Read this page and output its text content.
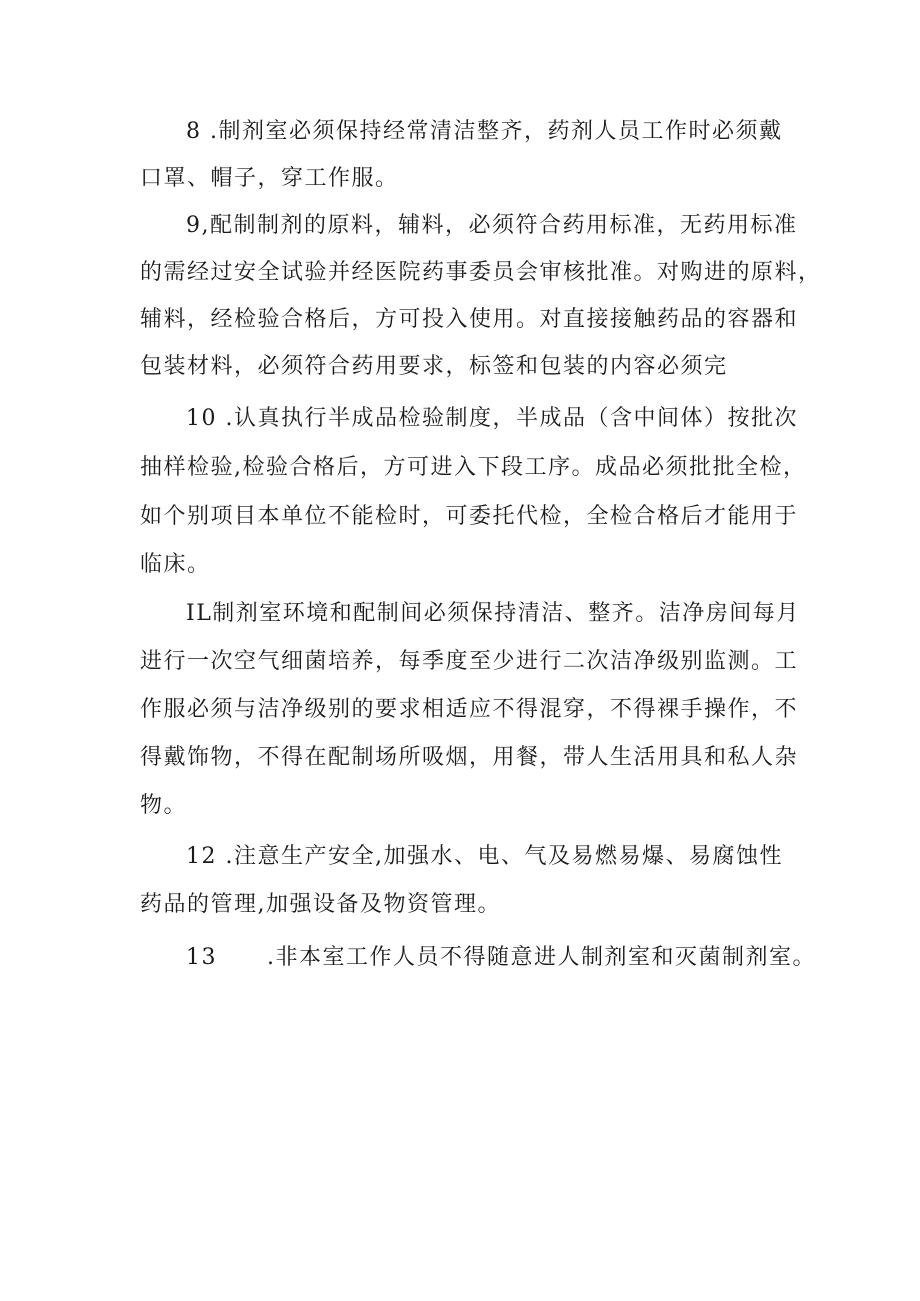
8 .制剂室必须保持经常清洁整齐，药剂人员工作时必须戴
口罩、帽子，穿工作服。
9,配制制剂的原料，辅料，必须符合药用标准，无药用标准
的需经过安全试验并经医院药事委员会审核批准。对购进的原料，
辅料，经检验合格后，方可投入使用。对直接接触药品的容器和
包装材料，必须符合药用要求，标签和包装的内容必须完
10 .认真执行半成品检验制度，半成品（含中间体）按批次
抽样检验,检验合格后，方可进入下段工序。成品必须批批全检，
如个别项目本单位不能检时，可委托代检，全检合格后才能用于
临床。
IL制剂室环境和配制间必须保持清洁、整齐。洁净房间每月
进行一次空气细菌培养，每季度至少进行二次洁净级别监测。工
作服必须与洁净级别的要求相适应不得混穿，不得裸手操作，不
得戴饰物，不得在配制场所吸烟，用餐，带人生活用具和私人杂
物。
12 .注意生产安全,加强水、电、气及易燃易爆、易腐蚀性
药品的管理,加强设备及物资管理。
13 .非本室工作人员不得随意进人制剂室和灭菌制剂室。
